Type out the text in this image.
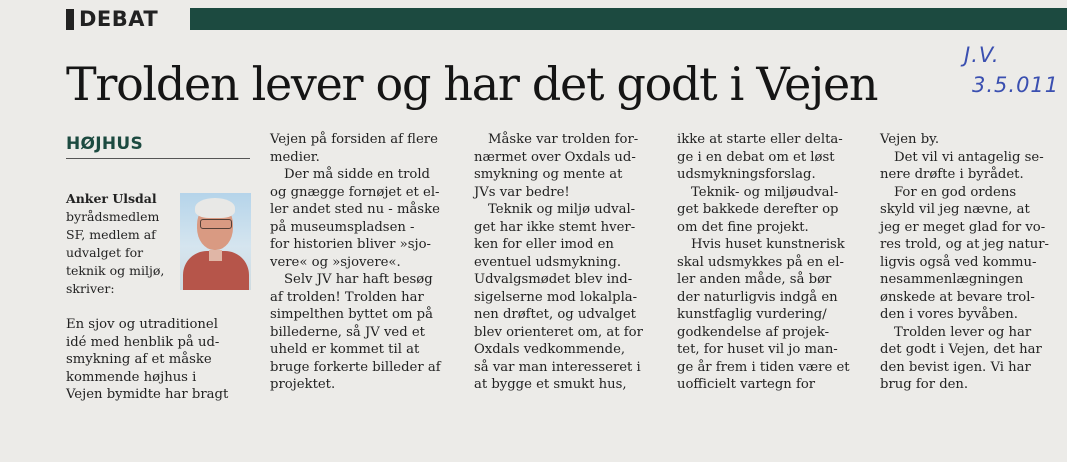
DEBAT
Trolden lever og har det godt i Vejen
J.V.
3.5.011
HØJHUS
Anker Ulsdal
byrådsmedlem
SF, medlem af
udvalget for
teknik og miljø,
skriver:
En sjov og utraditionel
idé med henblik på ud-
smykning af et måske
kommende højhus i
Vejen bymidte har bragt
Vejen på forsiden af flere
medier.
Der må sidde en trold
og gnægge fornøjet et el-
ler andet sted nu - måske
på museumspladsen -
for historien bliver »sjo-
vere« og »sjovere«.
Selv JV har haft besøg
af trolden! Trolden har
simpelthen byttet om på
billederne, så JV ved et
uheld er kommet til at
bruge forkerte billeder af
projektet.
Måske var trolden for-
nærmet over Oxdals ud-
smykning og mente at
JVs var bedre!
Teknik og miljø udval-
get har ikke stemt hver-
ken for eller imod en
eventuel udsmykning.
Udvalgsmødet blev ind-
sigelserne mod lokalpla-
nen drøftet, og udvalget
blev orienteret om, at for
Oxdals vedkommende,
så var man interesseret i
at bygge et smukt hus,
ikke at starte eller delta-
ge i en debat om et løst
udsmykningsforslag.
Teknik- og miljøudval-
get bakkede derefter op
om det fine projekt.
Hvis huset kunstnerisk
skal udsmykkes på en el-
ler anden måde, så bør
der naturligvis indgå en
kunstfaglig vurdering/
godkendelse af projek-
tet, for huset vil jo man-
ge år frem i tiden være et
uofficielt vartegn for
Vejen by.
Det vil vi antagelig se-
nere drøfte i byrådet.
For en god ordens
skyld vil jeg nævne, at
jeg er meget glad for vo-
res trold, og at jeg natur-
ligvis også ved kommu-
nesammenlægningen
ønskede at bevare trol-
den i vores byvåben.
Trolden lever og har
det godt i Vejen, det har
den bevist igen. Vi har
brug for den.
